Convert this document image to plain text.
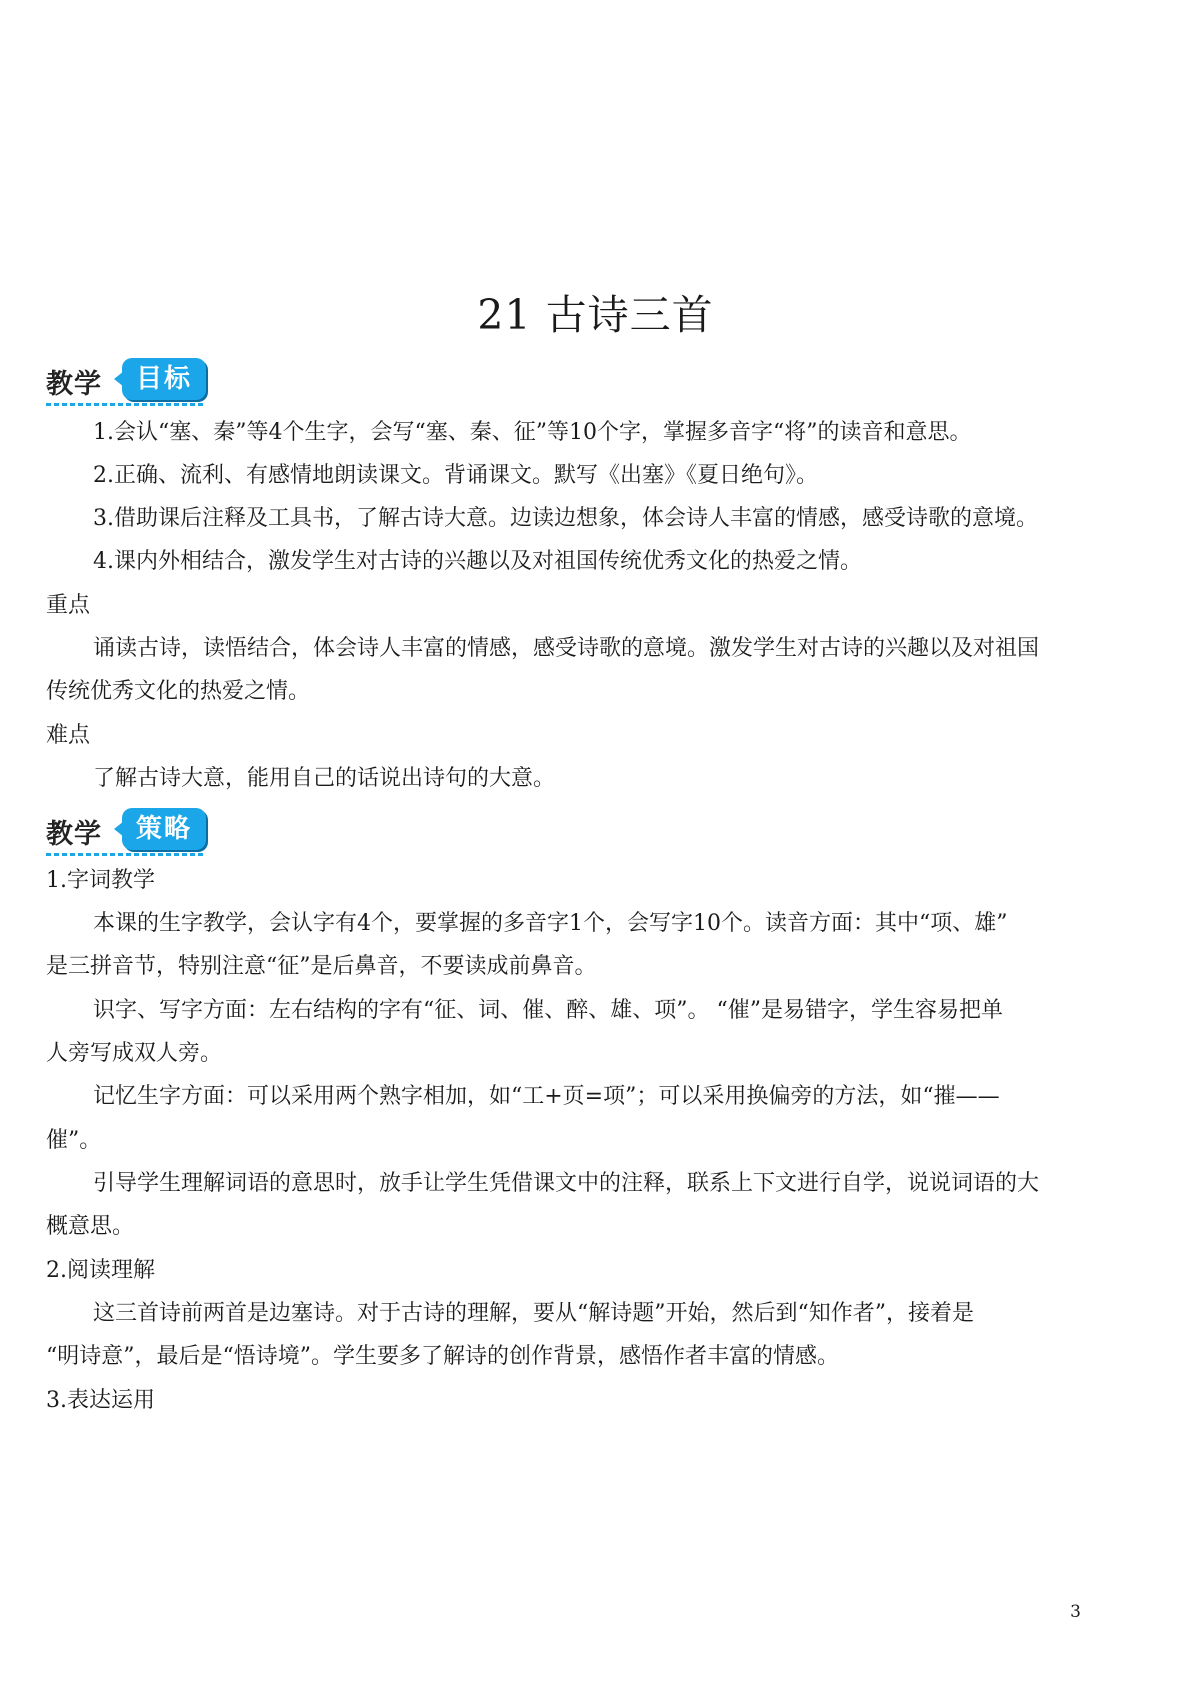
21 古诗三首
教学	目标
1.会认“塞、秦”等4个生字，会写“塞、秦、征”等10个字，掌握多音字“将”的读音和意思。
2.正确、流利、有感情地朗读课文。背诵课文。默写《出塞》《夏日绝句》。
3.借助课后注释及工具书，了解古诗大意。边读边想象，体会诗人丰富的情感，感受诗歌的意境。
4.课内外相结合，激发学生对古诗的兴趣以及对祖国传统优秀文化的热爱之情。
重点
诵读古诗，读悟结合，体会诗人丰富的情感，感受诗歌的意境。激发学生对古诗的兴趣以及对祖国
传统优秀文化的热爱之情。
难点
了解古诗大意，能用自己的话说出诗句的大意。
教学	策略
1.字词教学
本课的生字教学，会认字有4个，要掌握的多音字1个，会写字10个。读音方面：其中“项、雄”
是三拼音节，特别注意“征”是后鼻音，不要读成前鼻音。
识字、写字方面：左右结构的字有“征、词、催、醉、雄、项”。 “催”是易错字，学生容易把单
人旁写成双人旁。
记忆生字方面：可以采用两个熟字相加，如“工+页=项”；可以采用换偏旁的方法，如“摧——
催”。
引导学生理解词语的意思时，放手让学生凭借课文中的注释，联系上下文进行自学，说说词语的大
概意思。
2.阅读理解
这三首诗前两首是边塞诗。对于古诗的理解，要从“解诗题”开始，然后到“知作者”，接着是
“明诗意”，最后是“悟诗境”。学生要多了解诗的创作背景，感悟作者丰富的情感。
3.表达运用
3
